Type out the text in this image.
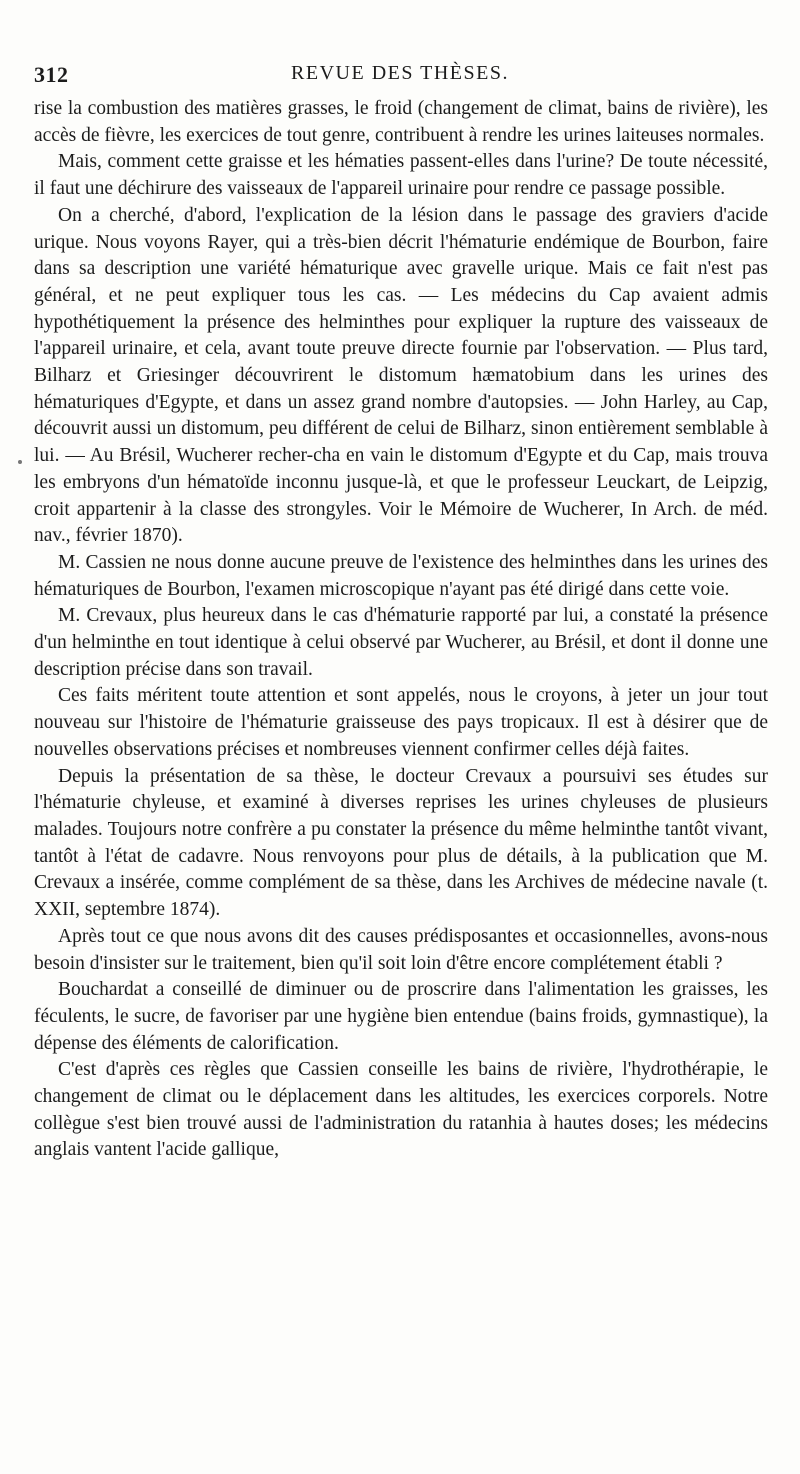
312	REVUE DES THÈSES.

rise la combustion des matières grasses, le froid (changement de climat, bains de rivière), les accès de fièvre, les exercices de tout genre, contribuent à rendre les urines laiteuses normales.

Mais, comment cette graisse et les hématies passent-elles dans l'urine? De toute nécessité, il faut une déchirure des vaisseaux de l'appareil urinaire pour rendre ce passage possible.

On a cherché, d'abord, l'explication de la lésion dans le passage des graviers d'acide urique. Nous voyons Rayer, qui a très-bien décrit l'hématurie endémique de Bourbon, faire dans sa description une variété hématurique avec gravelle urique. Mais ce fait n'est pas général, et ne peut expliquer tous les cas. — Les médecins du Cap avaient admis hypothétiquement la présence des helminthes pour expliquer la rupture des vaisseaux de l'appareil urinaire, et cela, avant toute preuve directe fournie par l'observation. — Plus tard, Bilharz et Griesinger découvrirent le distomum hæmatobium dans les urines des hématuriques d'Egypte, et dans un assez grand nombre d'autopsies. — John Harley, au Cap, découvrit aussi un distomum, peu différent de celui de Bilharz, sinon entièrement semblable à lui. — Au Brésil, Wucherer recher-cha en vain le distomum d'Egypte et du Cap, mais trouva les embryons d'un hématoïde inconnu jusque-là, et que le professeur Leuckart, de Leipzig, croit appartenir à la classe des strongyles. Voir le Mémoire de Wucherer, In Arch. de méd. nav., février 1870).

M. Cassien ne nous donne aucune preuve de l'existence des helminthes dans les urines des hématuriques de Bourbon, l'examen microscopique n'ayant pas été dirigé dans cette voie.

M. Crevaux, plus heureux dans le cas d'hématurie rapporté par lui, a constaté la présence d'un helminthe en tout identique à celui observé par Wucherer, au Brésil, et dont il donne une description précise dans son travail.

Ces faits méritent toute attention et sont appelés, nous le croyons, à jeter un jour tout nouveau sur l'histoire de l'hématurie graisseuse des pays tropicaux. Il est à désirer que de nouvelles observations précises et nombreuses viennent confirmer celles déjà faites.

Depuis la présentation de sa thèse, le docteur Crevaux a poursuivi ses études sur l'hématurie chyleuse, et examiné à diverses reprises les urines chyleuses de plusieurs malades. Toujours notre confrère a pu constater la présence du même helminthe tantôt vivant, tantôt à l'état de cadavre. Nous renvoyons pour plus de détails, à la publication que M. Crevaux a insérée, comme complément de sa thèse, dans les Archives de médecine navale (t. XXII, septembre 1874).

Après tout ce que nous avons dit des causes prédisposantes et occasionnelles, avons-nous besoin d'insister sur le traitement, bien qu'il soit loin d'être encore complétement établi ?

Bouchardat a conseillé de diminuer ou de proscrire dans l'alimentation les graisses, les féculents, le sucre, de favoriser par une hygiène bien entendue (bains froids, gymnastique), la dépense des éléments de calorification.

C'est d'après ces règles que Cassien conseille les bains de rivière, l'hydrothérapie, le changement de climat ou le déplacement dans les altitudes, les exercices corporels. Notre collègue s'est bien trouvé aussi de l'administration du ratanhia à hautes doses; les médecins anglais vantent l'acide gallique,
